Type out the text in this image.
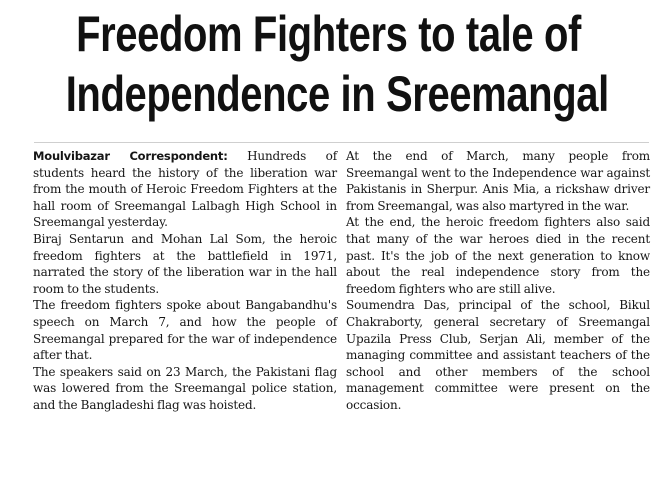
Freedom Fighters to tale of
Independence in Sreemangal

Moulvibazar Correspondent: Hundreds of students heard the history of the liberation war from the mouth of Heroic Freedom Fighters at the hall room of Sreemangal Lalbagh High School in Sreemangal yesterday.

Biraj Sentarun and Mohan Lal Som, the heroic freedom fighters at the battlefield in 1971, narrated the story of the liberation war in the hall room to the students.

The freedom fighters spoke about Bangabandhu's speech on March 7, and how the people of Sreemangal prepared for the war of independence after that.

The speakers said on 23 March, the Pakistani flag was lowered from the Sreemangal police station, and the Bangladeshi flag was hoisted.

At the end of March, many people from Sreemangal went to the Independence war against Pakistanis in Sherpur. Anis Mia, a rickshaw driver from Sreemangal, was also martyred in the war.

At the end, the heroic freedom fighters also said that many of the war heroes died in the recent past. It's the job of the next generation to know about the real independence story from the freedom fighters who are still alive.

Soumendra Das, principal of the school, Bikul Chakraborty, general secretary of Sreemangal Upazila Press Club, Serjan Ali, member of the managing committee and assistant teachers of the school and other members of the school management committee were present on the occasion.
